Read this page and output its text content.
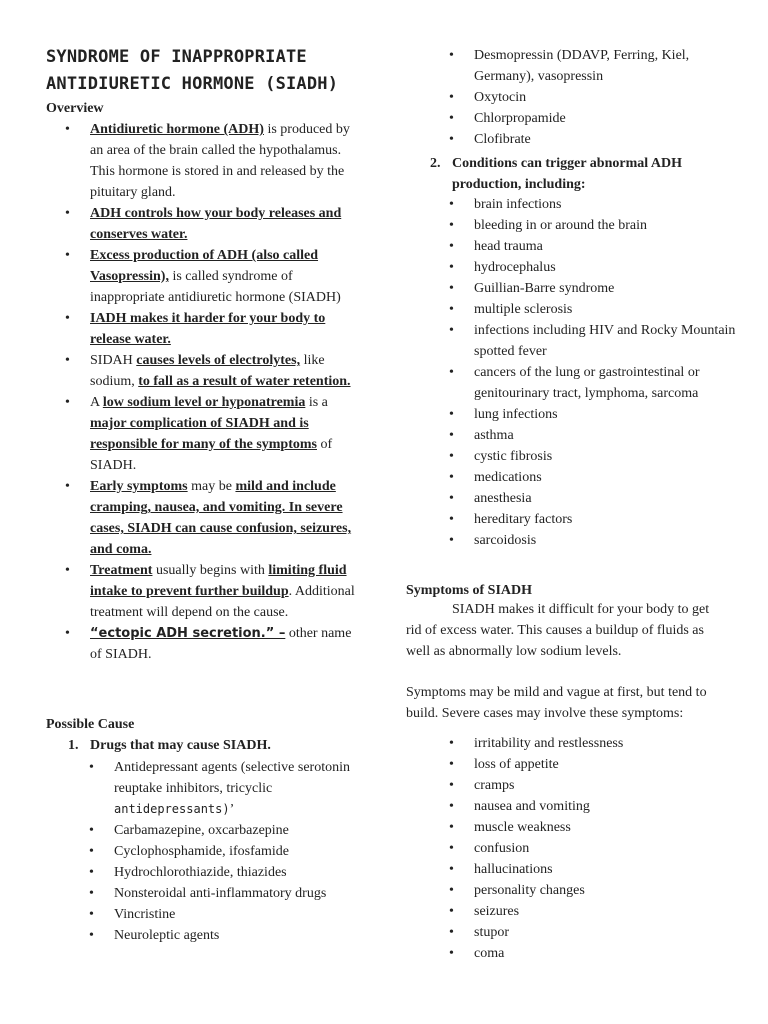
SYNDROME OF INAPPROPRIATE ANTIDIURETIC HORMONE (SIADH)

Overview

• Antidiuretic hormone (ADH) is produced by an area of the brain called the hypothalamus. This hormone is stored in and released by the pituitary gland.
• ADH controls how your body releases and conserves water.
• Excess production of ADH (also called Vasopressin), is called syndrome of inappropriate antidiuretic hormone (SIADH)
• IADH makes it harder for your body to release water.
• SIDAH causes levels of electrolytes, like sodium, to fall as a result of water retention.
• A low sodium level or hyponatremia is a major complication of SIADH and is responsible for many of the symptoms of SIADH.
• Early symptoms may be mild and include cramping, nausea, and vomiting. In severe cases, SIADH can cause confusion, seizures, and coma.
• Treatment usually begins with limiting fluid intake to prevent further buildup. Additional treatment will depend on the cause.
• “ectopic ADH secretion.” – other name of SIADH.

Possible Cause

1. Drugs that may cause SIADH.
• Antidepressant agents (selective serotonin reuptake inhibitors, tricyclic antidepressants)’
• Carbamazepine, oxcarbazepine
• Cyclophosphamide, ifosfamide
• Hydrochlorothiazide, thiazides
• Nonsteroidal anti-inflammatory drugs
• Vincristine
• Neuroleptic agents
• Desmopressin (DDAVP, Ferring, Kiel, Germany), vasopressin
• Oxytocin
• Chlorpropamide
• Clofibrate
2. Conditions can trigger abnormal ADH production, including:
• brain infections
• bleeding in or around the brain
• head trauma
• hydrocephalus
• Guillian-Barre syndrome
• multiple sclerosis
• infections including HIV and Rocky Mountain spotted fever
• cancers of the lung or gastrointestinal or genitourinary tract, lymphoma, sarcoma
• lung infections
• asthma
• cystic fibrosis
• medications
• anesthesia
• hereditary factors
• sarcoidosis

Symptoms of SIADH

SIADH makes it difficult for your body to get rid of excess water. This causes a buildup of fluids as well as abnormally low sodium levels.

Symptoms may be mild and vague at first, but tend to build. Severe cases may involve these symptoms:

• irritability and restlessness
• loss of appetite
• cramps
• nausea and vomiting
• muscle weakness
• confusion
• hallucinations
• personality changes
• seizures
• stupor
• coma
